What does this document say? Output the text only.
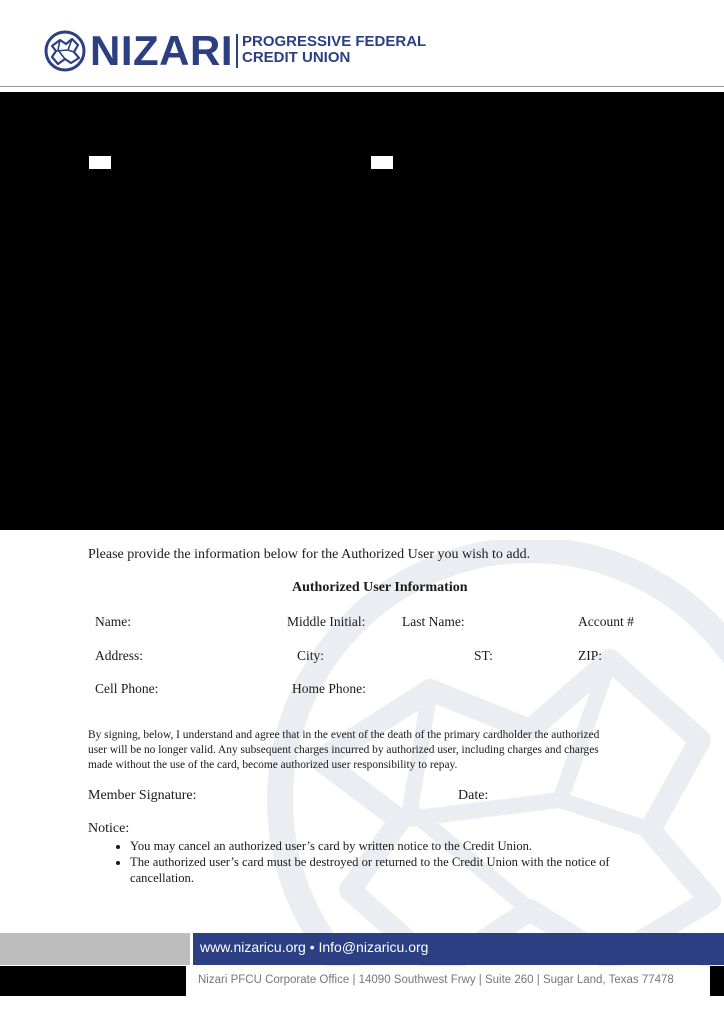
NIZARI PROGRESSIVE FEDERAL
CREDIT UNION
Please provide the information below for the Authorized User you wish to add.
Authorized User Information
Name:	Middle Initial:	Last Name:	Account #
Address:	City:	ST:	ZIP:
Cell Phone:	Home Phone:
By signing, below, I understand and agree that in the event of the death of the primary cardholder the authorized
user will be no longer valid. Any subsequent charges incurred by authorized user, including charges and charges
made without the use of the card, become authorized user responsibility to repay.
Member Signature:	Date:
Notice:
• You may cancel an authorized user’s card by written notice to the Credit Union.
• The authorized user’s card must be destroyed or returned to the Credit Union with the notice of cancellation.
www.nizaricu.org • Info@nizaricu.org
Nizari PFCU Corporate Office | 14090 Southwest Frwy | Suite 260 | Sugar Land, Texas 77478
